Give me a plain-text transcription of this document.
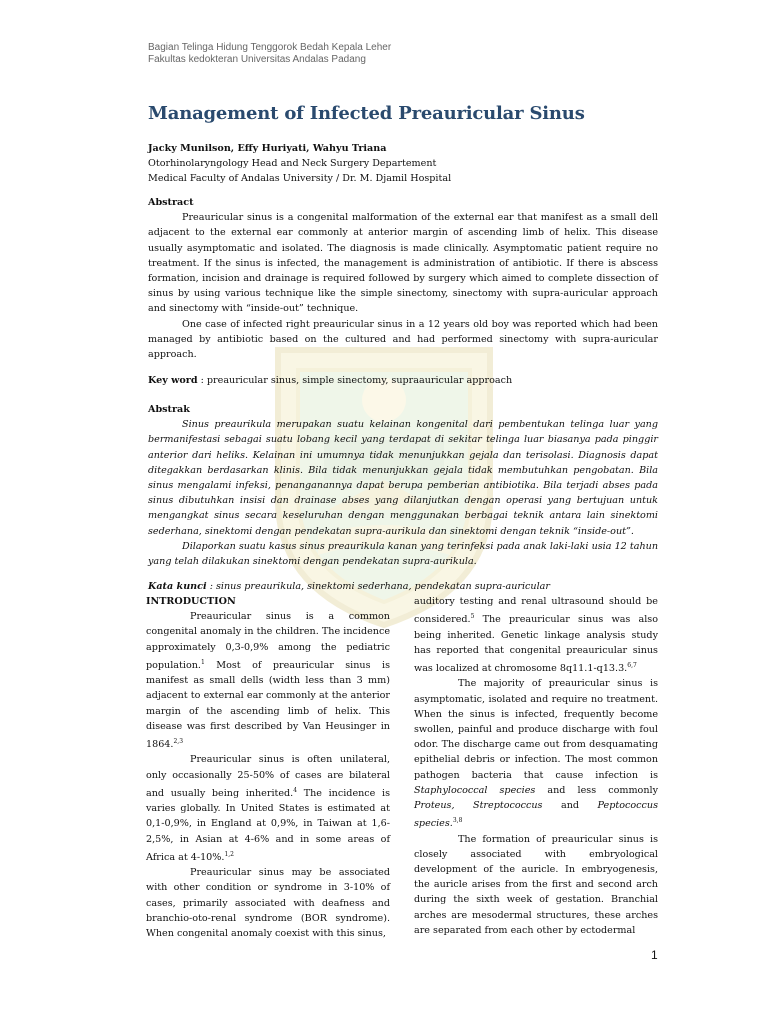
Bagian Telinga Hidung Tenggorok Bedah Kepala Leher
Fakultas kedokteran Universitas Andalas Padang
Management of Infected Preauricular Sinus
Jacky Munilson, Effy Huriyati, Wahyu Triana
Otorhinolaryngology Head and Neck Surgery Departement
Medical Faculty of Andalas University / Dr. M. Djamil Hospital
Abstract

Preauricular sinus is a congenital malformation of the external ear that manifest as a small dell adjacent to the external ear commonly at anterior margin of ascending limb of helix. This disease usually asymptomatic and isolated. The diagnosis is made clinically. Asymptomatic patient require no treatment. If the sinus is infected, the management is administration of antibiotic. If there is abscess formation, incision and drainage is required followed by surgery which aimed to complete dissection of sinus by using various technique like the simple sinectomy, sinectomy with supra-auricular approach and sinectomy with “inside-out” technique.

One case of infected right preauricular sinus in a 12 years old boy was reported which had been managed by antibiotic based on the cultured and had performed sinectomy with supra-auricular approach.

Key word : preauricular sinus, simple sinectomy, supraauricular approach
Abstrak

Sinus preaurikula merupakan suatu kelainan kongenital dari pembentukan telinga luar yang bermanifestasi sebagai suatu lobang kecil yang terdapat di sekitar telinga luar biasanya pada pinggir anterior dari heliks. Kelainan ini umumnya tidak menunjukkan gejala dan terisolasi. Diagnosis dapat ditegakkan berdasarkan klinis. Bila tidak menunjukkan gejala tidak membutuhkan pengobatan. Bila sinus mengalami infeksi, penanganannya dapat berupa pemberian antibiotika. Bila terjadi abses pada sinus dibutuhkan insisi dan drainase abses yang dilanjutkan dengan operasi yang bertujuan untuk mengangkat sinus secara keseluruhan dengan menggunakan berbagai teknik antara lain sinektomi sederhana, sinektomi dengan pendekatan supra-aurikula dan sinektomi dengan teknik “inside-out”.

Dilaporkan suatu kasus sinus preaurikula kanan yang terinfeksi pada anak laki-laki usia 12 tahun yang telah dilakukan sinektomi dengan pendekatan supra-aurikula.

Kata kunci : sinus preaurikula, sinektomi sederhana, pendekatan supra-auricular
INTRODUCTION

Preauricular sinus is a common congenital anomaly in the children. The incidence approximately 0,3-0,9% among the pediatric population.$^1$ Most of preauricular sinus is manifest as small dells (width less than 3 mm) adjacent to external ear commonly at the anterior margin of the ascending limb of helix. This disease was first described by Van Heusinger in 1864.$^{2,3}$

Preauricular sinus is often unilateral, only occasionally 25-50% of cases are bilateral and usually being inherited.$^4$ The incidence is varies globally. In United States is estimated at 0,1-0,9%, in England at 0,9%, in Taiwan at 1,6-2,5%, in Asian at 4-6% and in some areas of Africa at 4-10%.$^{1,2}$

Preauricular sinus may be associated with other condition or syndrome in 3-10% of cases, primarily associated with deafness and branchio-oto-renal syndrome (BOR syndrome). When congenital anomaly coexist with this sinus,

auditory testing and renal ultrasound should be considered.$^5$ The preauricular sinus was also being inherited. Genetic linkage analysis study has reported that congenital preauricular sinus was localized at chromosome 8q11.1-q13.3.$^{6,7}$

The majority of preauricular sinus is asymptomatic, isolated and require no treatment. When the sinus is infected, frequently become swollen, painful and produce discharge with foul odor. The discharge came out from desquamating epithelial debris or infection. The most common pathogen bacteria that cause infection is Staphylococcal species and less commonly Proteus, Streptococcus and Peptococcus species.$^{3,8}$

The formation of preauricular sinus is closely associated with embryological development of the auricle. In embryogenesis, the auricle arises from the first and second arch during the sixth week of gestation. Branchial arches are mesodermal structures, these arches are separated from each other by ectodermal

1
